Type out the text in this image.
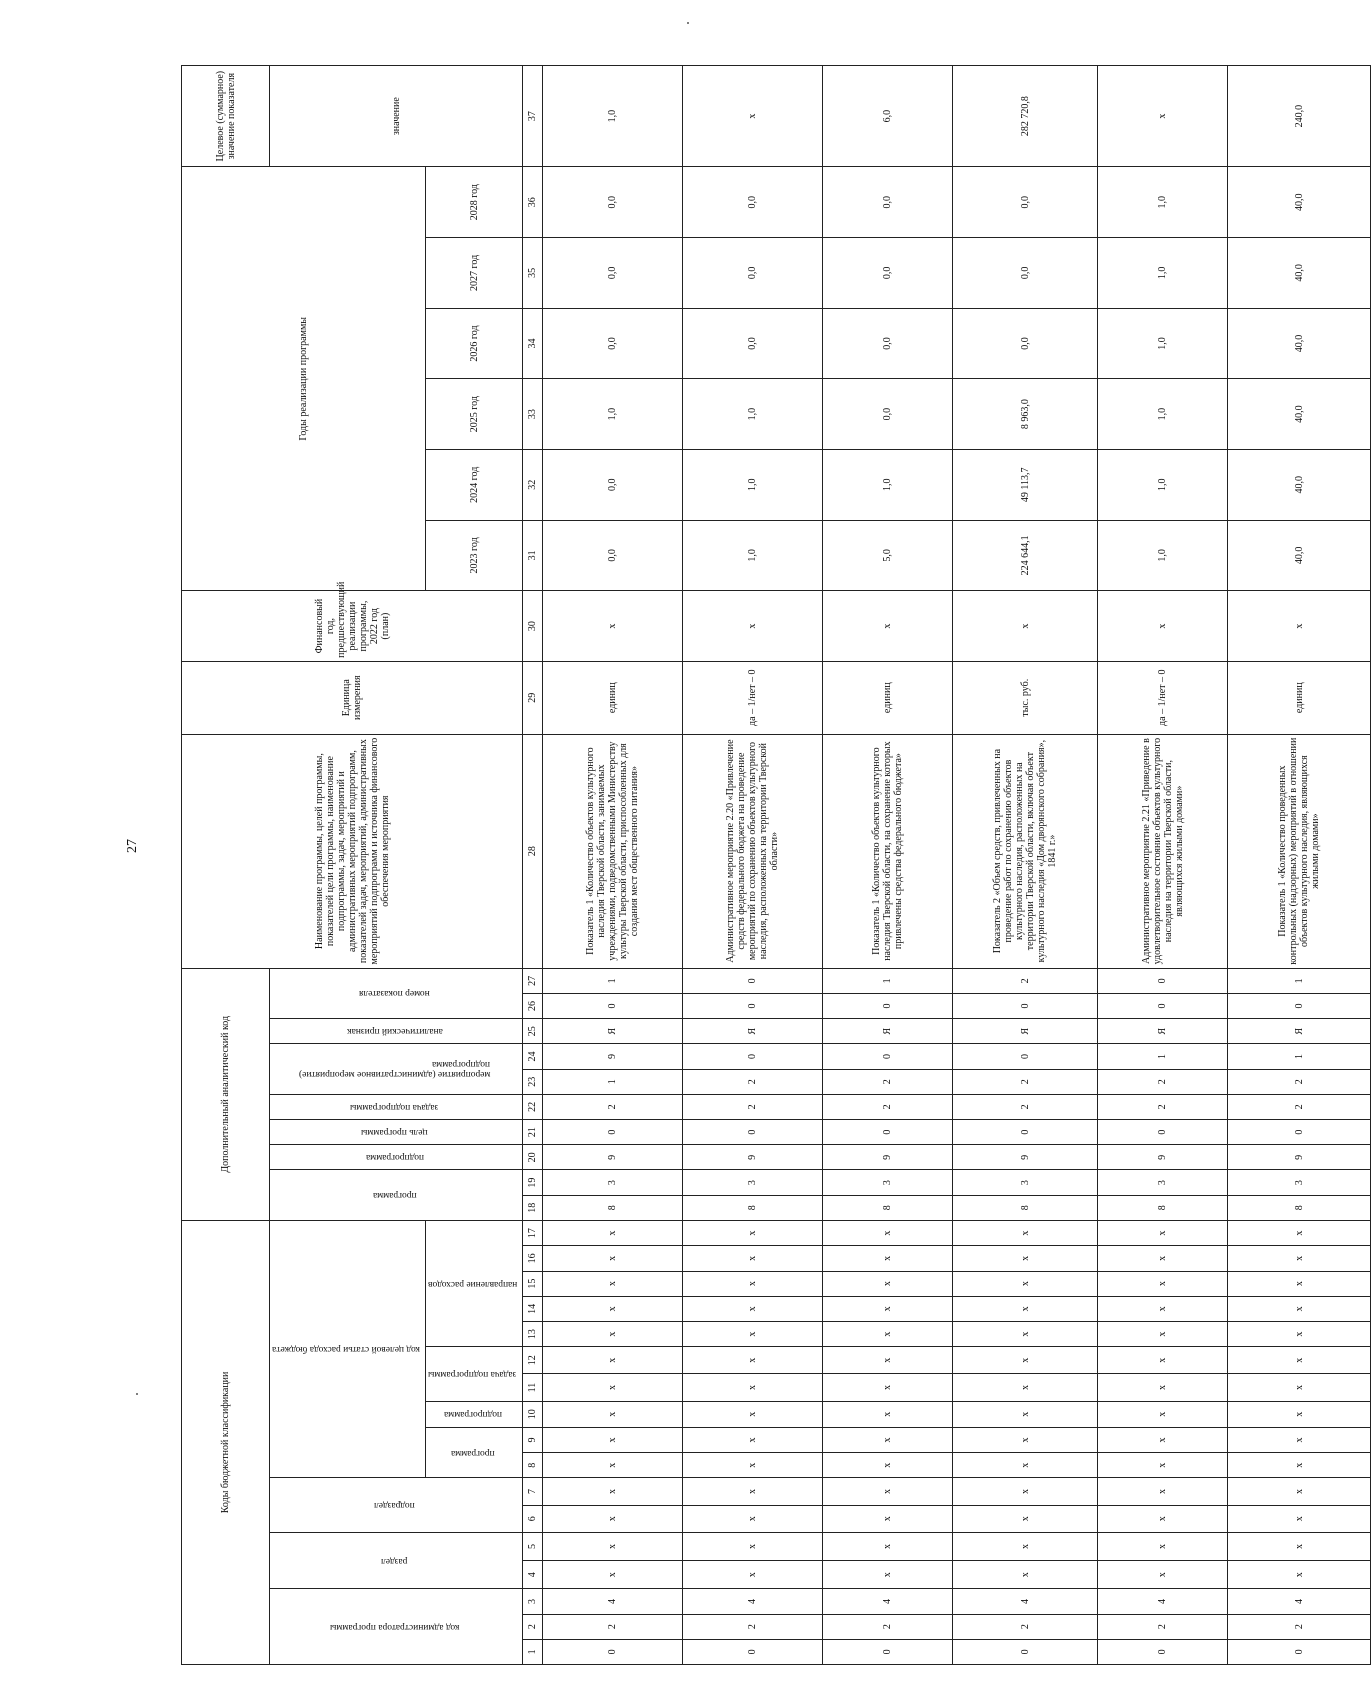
27
Коды бюджетной классификации																	Дополнительный аналитический код										Наименование программы, целей программы, показателей цели программы, наименование подпрограммы, задач, мероприятий и административных мероприятий подпрограмм, показателей задач, мероприятий, административных мероприятий подпрограмм и источника финансового обеспечения мероприятия	Единица измерения	Финансовый год, предшествующий реализации программы, 2022 год (план)	Годы реализации программы						Целевое (суммарное) значение показателя
код администратора программы			раздел		подраздел		код целевой статьи расхода бюджета										программа		подпрограмма	цель программы	задача подпрограммы	мероприятие (административное мероприятие)подпрограмма		аналитический признак	номер показателя											значение
							программа		подпрограмма	задача подпрограммы		направление расходов																		2023 год	2024 год	2025 год	2026 год	2027 год	2028 год	
1	2	3	4	5	6	7	8	9	10	11	12	13	14	15	16	17	18	19	20	21	22	23	24	25	26	27	28	29	30	31	32	33	34	35	36	37
0	2	4	х	х	х	х	х	х	х	х	х	х	х	х	х	х	8	3	9	0	2	1	9	Я	0	1	Показатель 1 «Количество объектов культурного наследия Тверской области, занимаемых учреждениями, подведомственными Министерству культуры Тверской области, приспособленных для создания мест общественного питания»	единиц	х	0,0	0,0	1,0	0,0	0,0	0,0	1,0
0	2	4	х	х	х	х	х	х	х	х	х	х	х	х	х	х	8	3	9	0	2	2	0	Я	0	0	Административное мероприятие 2.20 «Привлечение средств федерального бюджета на проведение мероприятий по сохранению объектов культурного наследия, расположенных на территории Тверской области»	да – 1/нет – 0	х	1,0	1,0	1,0	0,0	0,0	0,0	х
0	2	4	х	х	х	х	х	х	х	х	х	х	х	х	х	х	8	3	9	0	2	2	0	Я	0	1	Показатель 1 «Количество объектов культурного наследия Тверской области, на сохранение которых привлечены средства федерального бюджета»	единиц	х	5,0	1,0	0,0	0,0	0,0	0,0	6,0
0	2	4	х	х	х	х	х	х	х	х	х	х	х	х	х	х	8	3	9	0	2	2	0	Я	0	2	Показатель 2 «Объем средств, привлеченных на проведение работ по сохранению объектов культурного наследия, расположенных на территории Тверской области, включая объект культурного наследия «Дом дворянского собрания», 1841 г.»	тыс. руб.	х	224 644,1	49 113,7	8 963,0	0,0	0,0	0,0	282 720,8
0	2	4	х	х	х	х	х	х	х	х	х	х	х	х	х	х	8	3	9	0	2	2	1	Я	0	0	Административное мероприятие 2.21 «Приведение в удовлетворительное состояние объектов культурного наследия на территории Тверской области, являющихся жилыми домами»	да – 1/нет – 0	х	1,0	1,0	1,0	1,0	1,0	1,0	х
0	2	4	х	х	х	х	х	х	х	х	х	х	х	х	х	х	8	3	9	0	2	2	1	Я	0	1	Показатель 1 «Количество проведенных контрольных (надзорных) мероприятий в отношении объектов культурного наследия, являющихся жилыми домами»	единиц	х	40,0	40,0	40,0	40,0	40,0	40,0	240,0
